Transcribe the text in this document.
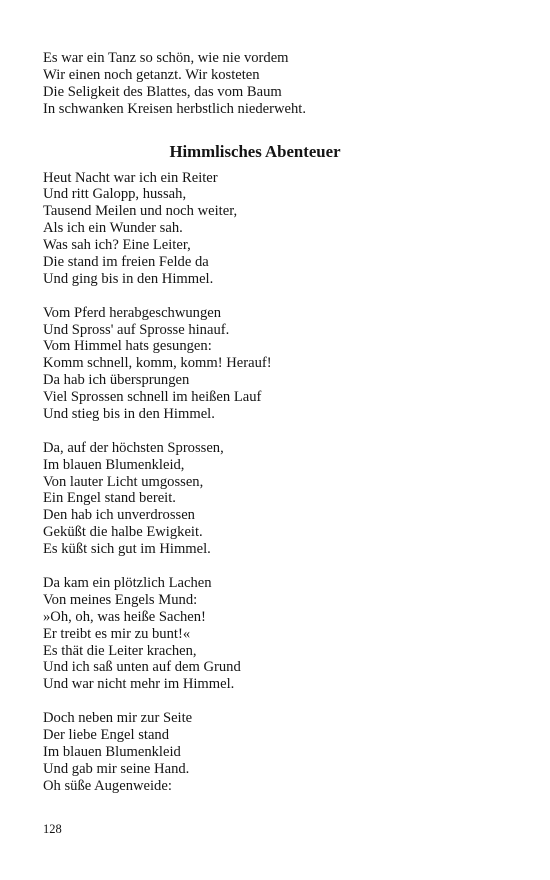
Es war ein Tanz so schön, wie nie vordem
Wir einen noch getanzt. Wir kosteten
Die Seligkeit des Blattes, das vom Baum
In schwanken Kreisen herbstlich niederweht.
Himmlisches Abenteuer
Heut Nacht war ich ein Reiter
Und ritt Galopp, hussah,
Tausend Meilen und noch weiter,
Als ich ein Wunder sah.
Was sah ich? Eine Leiter,
Die stand im freien Felde da
Und ging bis in den Himmel.
Vom Pferd herabgeschwungen
Und Spross' auf Sprosse hinauf.
Vom Himmel hats gesungen:
Komm schnell, komm, komm! Herauf!
Da hab ich übersprungen
Viel Sprossen schnell im heißen Lauf
Und stieg bis in den Himmel.
Da, auf der höchsten Sprossen,
Im blauen Blumenkleid,
Von lauter Licht umgossen,
Ein Engel stand bereit.
Den hab ich unverdrossen
Geküßt die halbe Ewigkeit.
Es küßt sich gut im Himmel.
Da kam ein plötzlich Lachen
Von meines Engels Mund:
»Oh, oh, was heiße Sachen!
Er treibt es mir zu bunt!«
Es thät die Leiter krachen,
Und ich saß unten auf dem Grund
Und war nicht mehr im Himmel.
Doch neben mir zur Seite
Der liebe Engel stand
Im blauen Blumenkleid
Und gab mir seine Hand.
Oh süße Augenweide:
128
